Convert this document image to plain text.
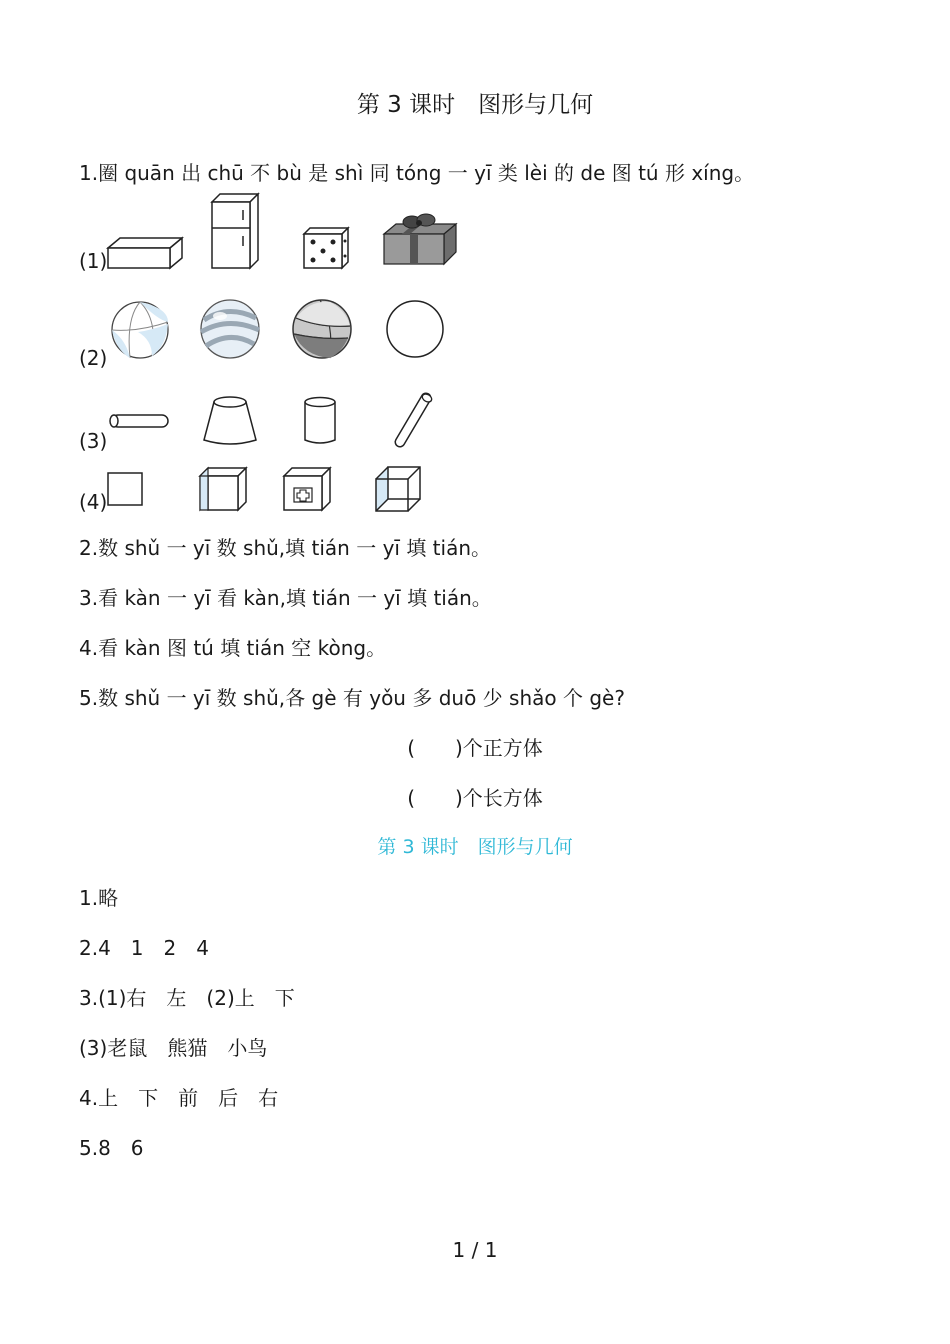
第 3 课时　图形与几何
1.圈 quān 出 chū 不 bù 是 shì 同 tóng 一 yī 类 lèi 的 de 图 tú 形 xíng。
(1)
(2)
(3)
(4)
2.数 shǔ 一 yī 数 shǔ,填 tián 一 yī 填 tián。
3.看 kàn 一 yī 看 kàn,填 tián 一 yī 填 tián。
4.看 kàn 图 tú 填 tián 空 kòng。
5.数 shǔ 一 yī 数 shǔ,各 gè 有 yǒu 多 duō 少 shǎo 个 gè?
(　　)个正方体
(　　)个长方体
第 3 课时　图形与几何
1.略
2.4　1　2　4
3.(1)右　左　(2)上　下
(3)老鼠　熊猫　小鸟
4.上　下　前　后　右
5.8　6
1 / 1
